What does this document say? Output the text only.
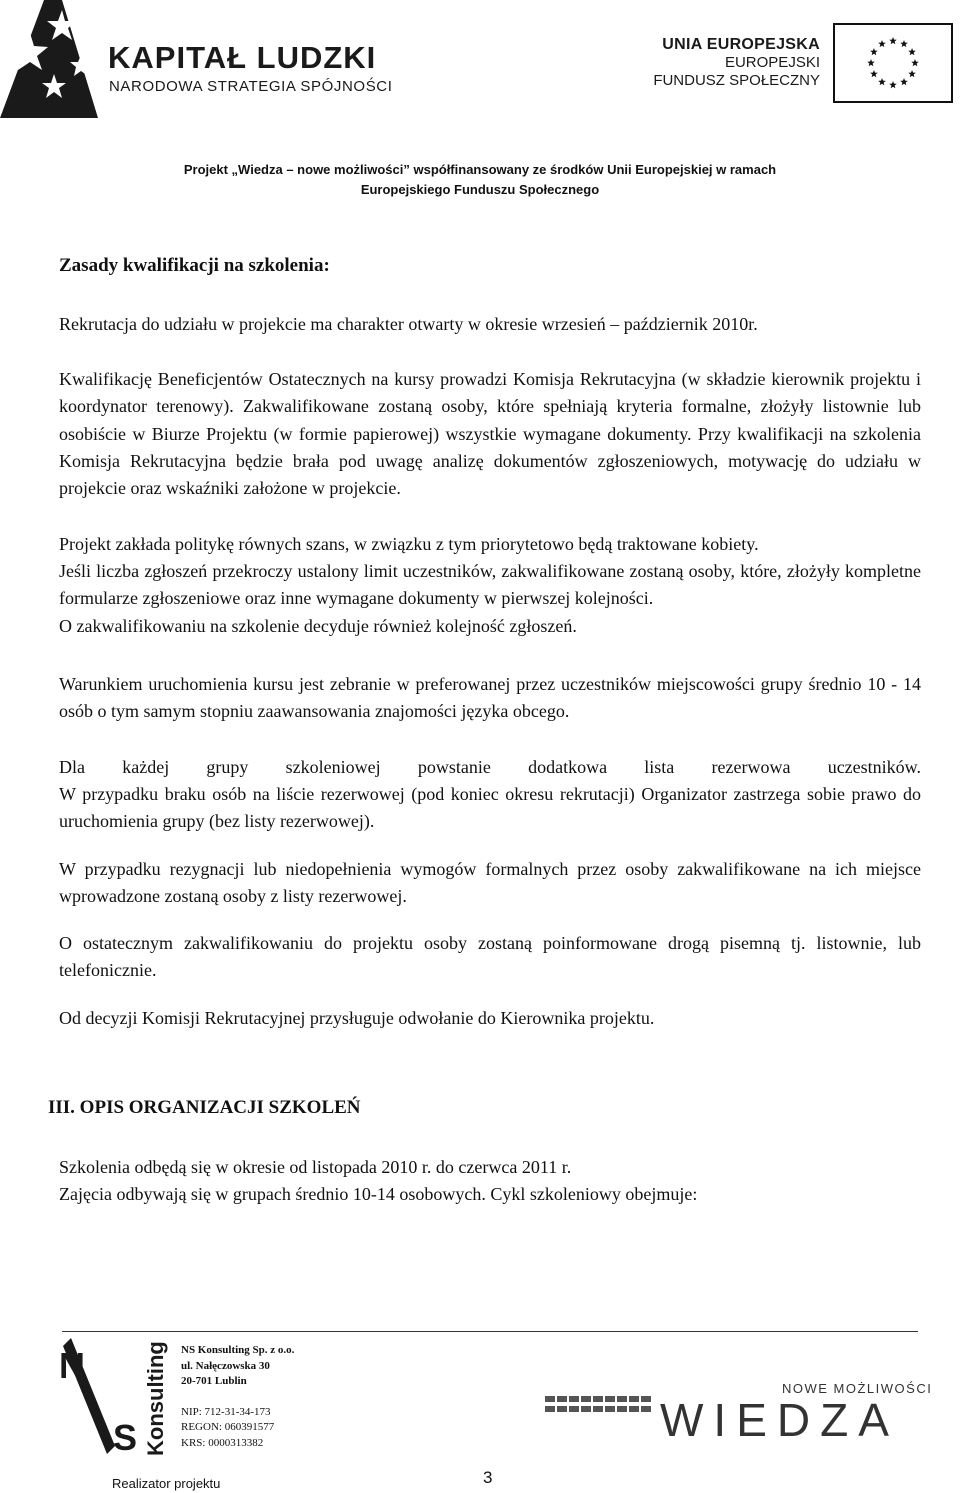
KAPITAŁ LUDZKI
NARODOWA STRATEGIA SPÓJNOŚCI
UNIA EUROPEJSKA
EUROPEJSKI
FUNDUSZ SPOŁECZNY
Projekt „Wiedza – nowe możliwości” współfinansowany ze środków Unii Europejskiej w ramach
Europejskiego Funduszu Społecznego
Zasady kwalifikacji na szkolenia:

Rekrutacja do udziału w projekcie ma charakter otwarty w okresie wrzesień – październik 2010r.

Kwalifikację Beneficjentów Ostatecznych na kursy prowadzi Komisja Rekrutacyjna (w składzie kierownik projektu i koordynator terenowy). Zakwalifikowane zostaną osoby, które spełniają kryteria formalne, złożyły listownie lub osobiście w Biurze Projektu (w formie papierowej) wszystkie wymagane dokumenty. Przy kwalifikacji na szkolenia Komisja Rekrutacyjna będzie brała pod uwagę analizę dokumentów zgłoszeniowych, motywację do udziału w projekcie oraz wskaźniki założone w projekcie.

Projekt zakłada politykę równych szans, w związku z tym priorytetowo będą traktowane kobiety.

Jeśli liczba zgłoszeń przekroczy ustalony limit uczestników, zakwalifikowane zostaną osoby, które, złożyły kompletne formularze zgłoszeniowe oraz inne wymagane dokumenty w pierwszej kolejności.

O zakwalifikowaniu na szkolenie decyduje również kolejność zgłoszeń.

Warunkiem uruchomienia kursu jest zebranie w preferowanej przez uczestników miejscowości grupy średnio 10 - 14 osób o tym samym stopniu zaawansowania znajomości języka obcego.

Dla każdej grupy szkoleniowej powstanie dodatkowa lista rezerwowa uczestników.

W przypadku braku osób na liście rezerwowej (pod koniec okresu rekrutacji) Organizator zastrzega sobie prawo do uruchomienia grupy (bez listy rezerwowej).

W przypadku rezygnacji lub niedopełnienia wymogów formalnych przez osoby zakwalifikowane na ich miejsce wprowadzone zostaną osoby z listy rezerwowej.

O ostatecznym zakwalifikowaniu do projektu osoby zostaną poinformowane drogą pisemną tj. listownie, lub telefonicznie.

Od decyzji Komisji Rekrutacyjnej przysługuje odwołanie do Kierownika projektu.

III. OPIS ORGANIZACJI SZKOLEŃ

Szkolenia odbędą się w okresie od listopada 2010 r. do czerwca 2011 r.

Zajęcia odbywają się w grupach średnio 10-14 osobowych. Cykl szkoleniowy obejmuje:

N
S Konsulting NS Konsulting Sp. z o.o.
ul. Nałęczowska 30
20-701 Lublin
NIP: 712-31-34-173
REGON: 060391577
KRS: 0000313382
NOWE MOŻLIWOŚCI
WIEDZA
Realizator projektu	3
